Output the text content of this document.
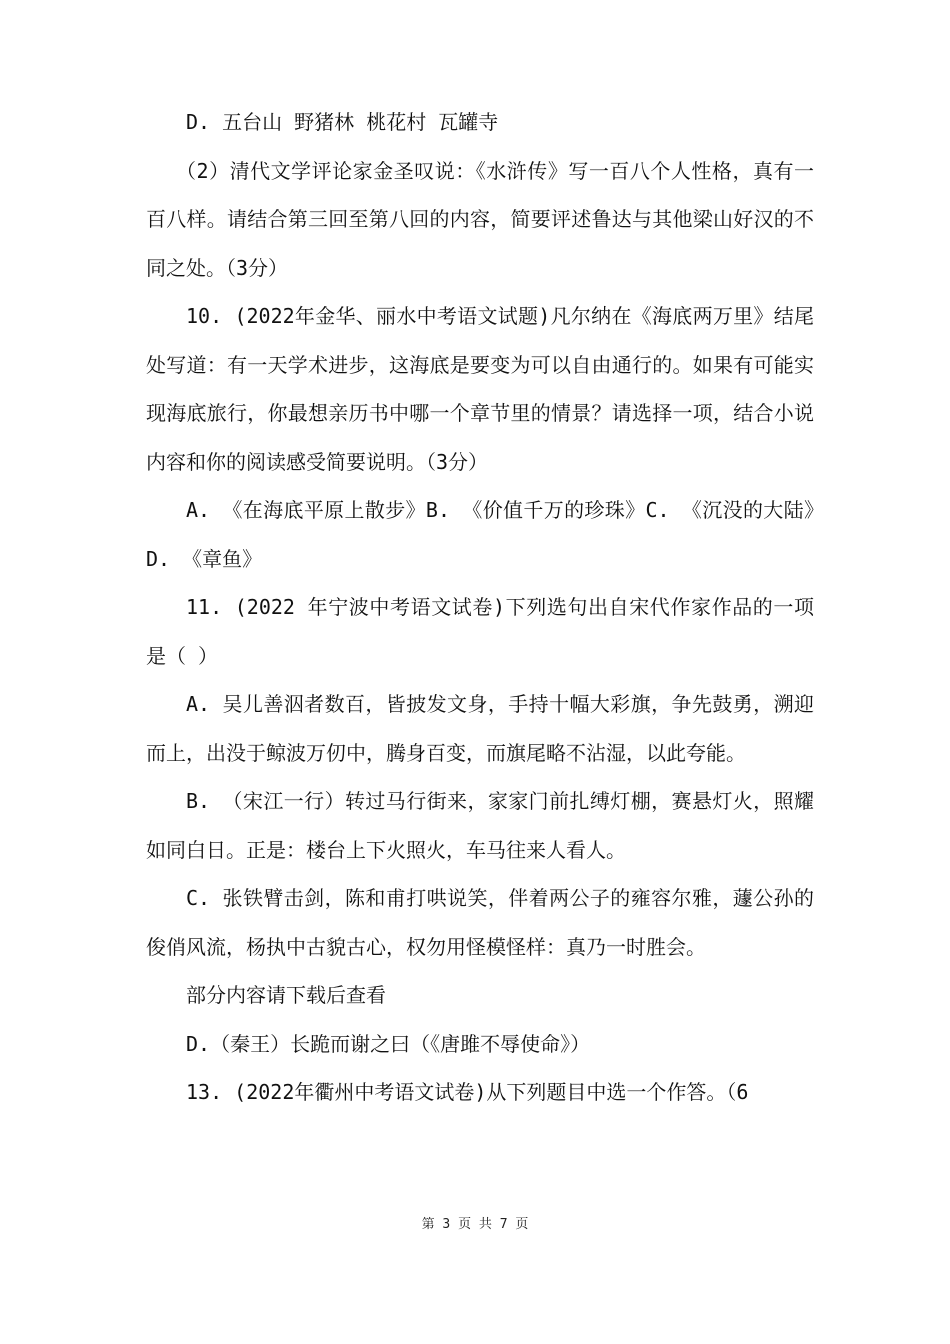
D. 五台山 野猪林 桃花村 瓦罐寺

（2）清代文学评论家金圣叹说：《水浒传》写一百八个人性格，真有一百八样。请结合第三回至第八回的内容，简要评述鲁达与其他梁山好汉的不同之处。（3分）

10. (2022年金华、丽水中考语文试题)凡尔纳在《海底两万里》结尾处写道：有一天学术进步，这海底是要变为可以自由通行的。如果有可能实现海底旅行，你最想亲历书中哪一个章节里的情景？请选择一项，结合小说内容和你的阅读感受简要说明。（3分）

A. 《在海底平原上散步》B. 《价值千万的珍珠》C. 《沉没的大陆》D. 《章鱼》

11. (2022 年宁波中考语文试卷)下列选句出自宋代作家作品的一项是（ ）

A. 吴儿善泅者数百，皆披发文身，手持十幅大彩旗，争先鼓勇，溯迎而上，出没于鲸波万仞中，腾身百变，而旗尾略不沾湿，以此夸能。

B. （宋江一行）转过马行街来，家家门前扎缚灯棚，赛悬灯火，照耀如同白日。正是：楼台上下火照火，车马往来人看人。

C. 张铁臂击剑，陈和甫打哄说笑，伴着两公子的雍容尔雅，蘧公孙的俊俏风流，杨执中古貌古心，权勿用怪模怪样：真乃一时胜会。

部分内容请下载后查看

D.（秦王）长跪而谢之曰（《唐雎不辱使命》）

13. (2022年衢州中考语文试卷)从下列题目中选一个作答。（6

第 3 页 共 7 页
